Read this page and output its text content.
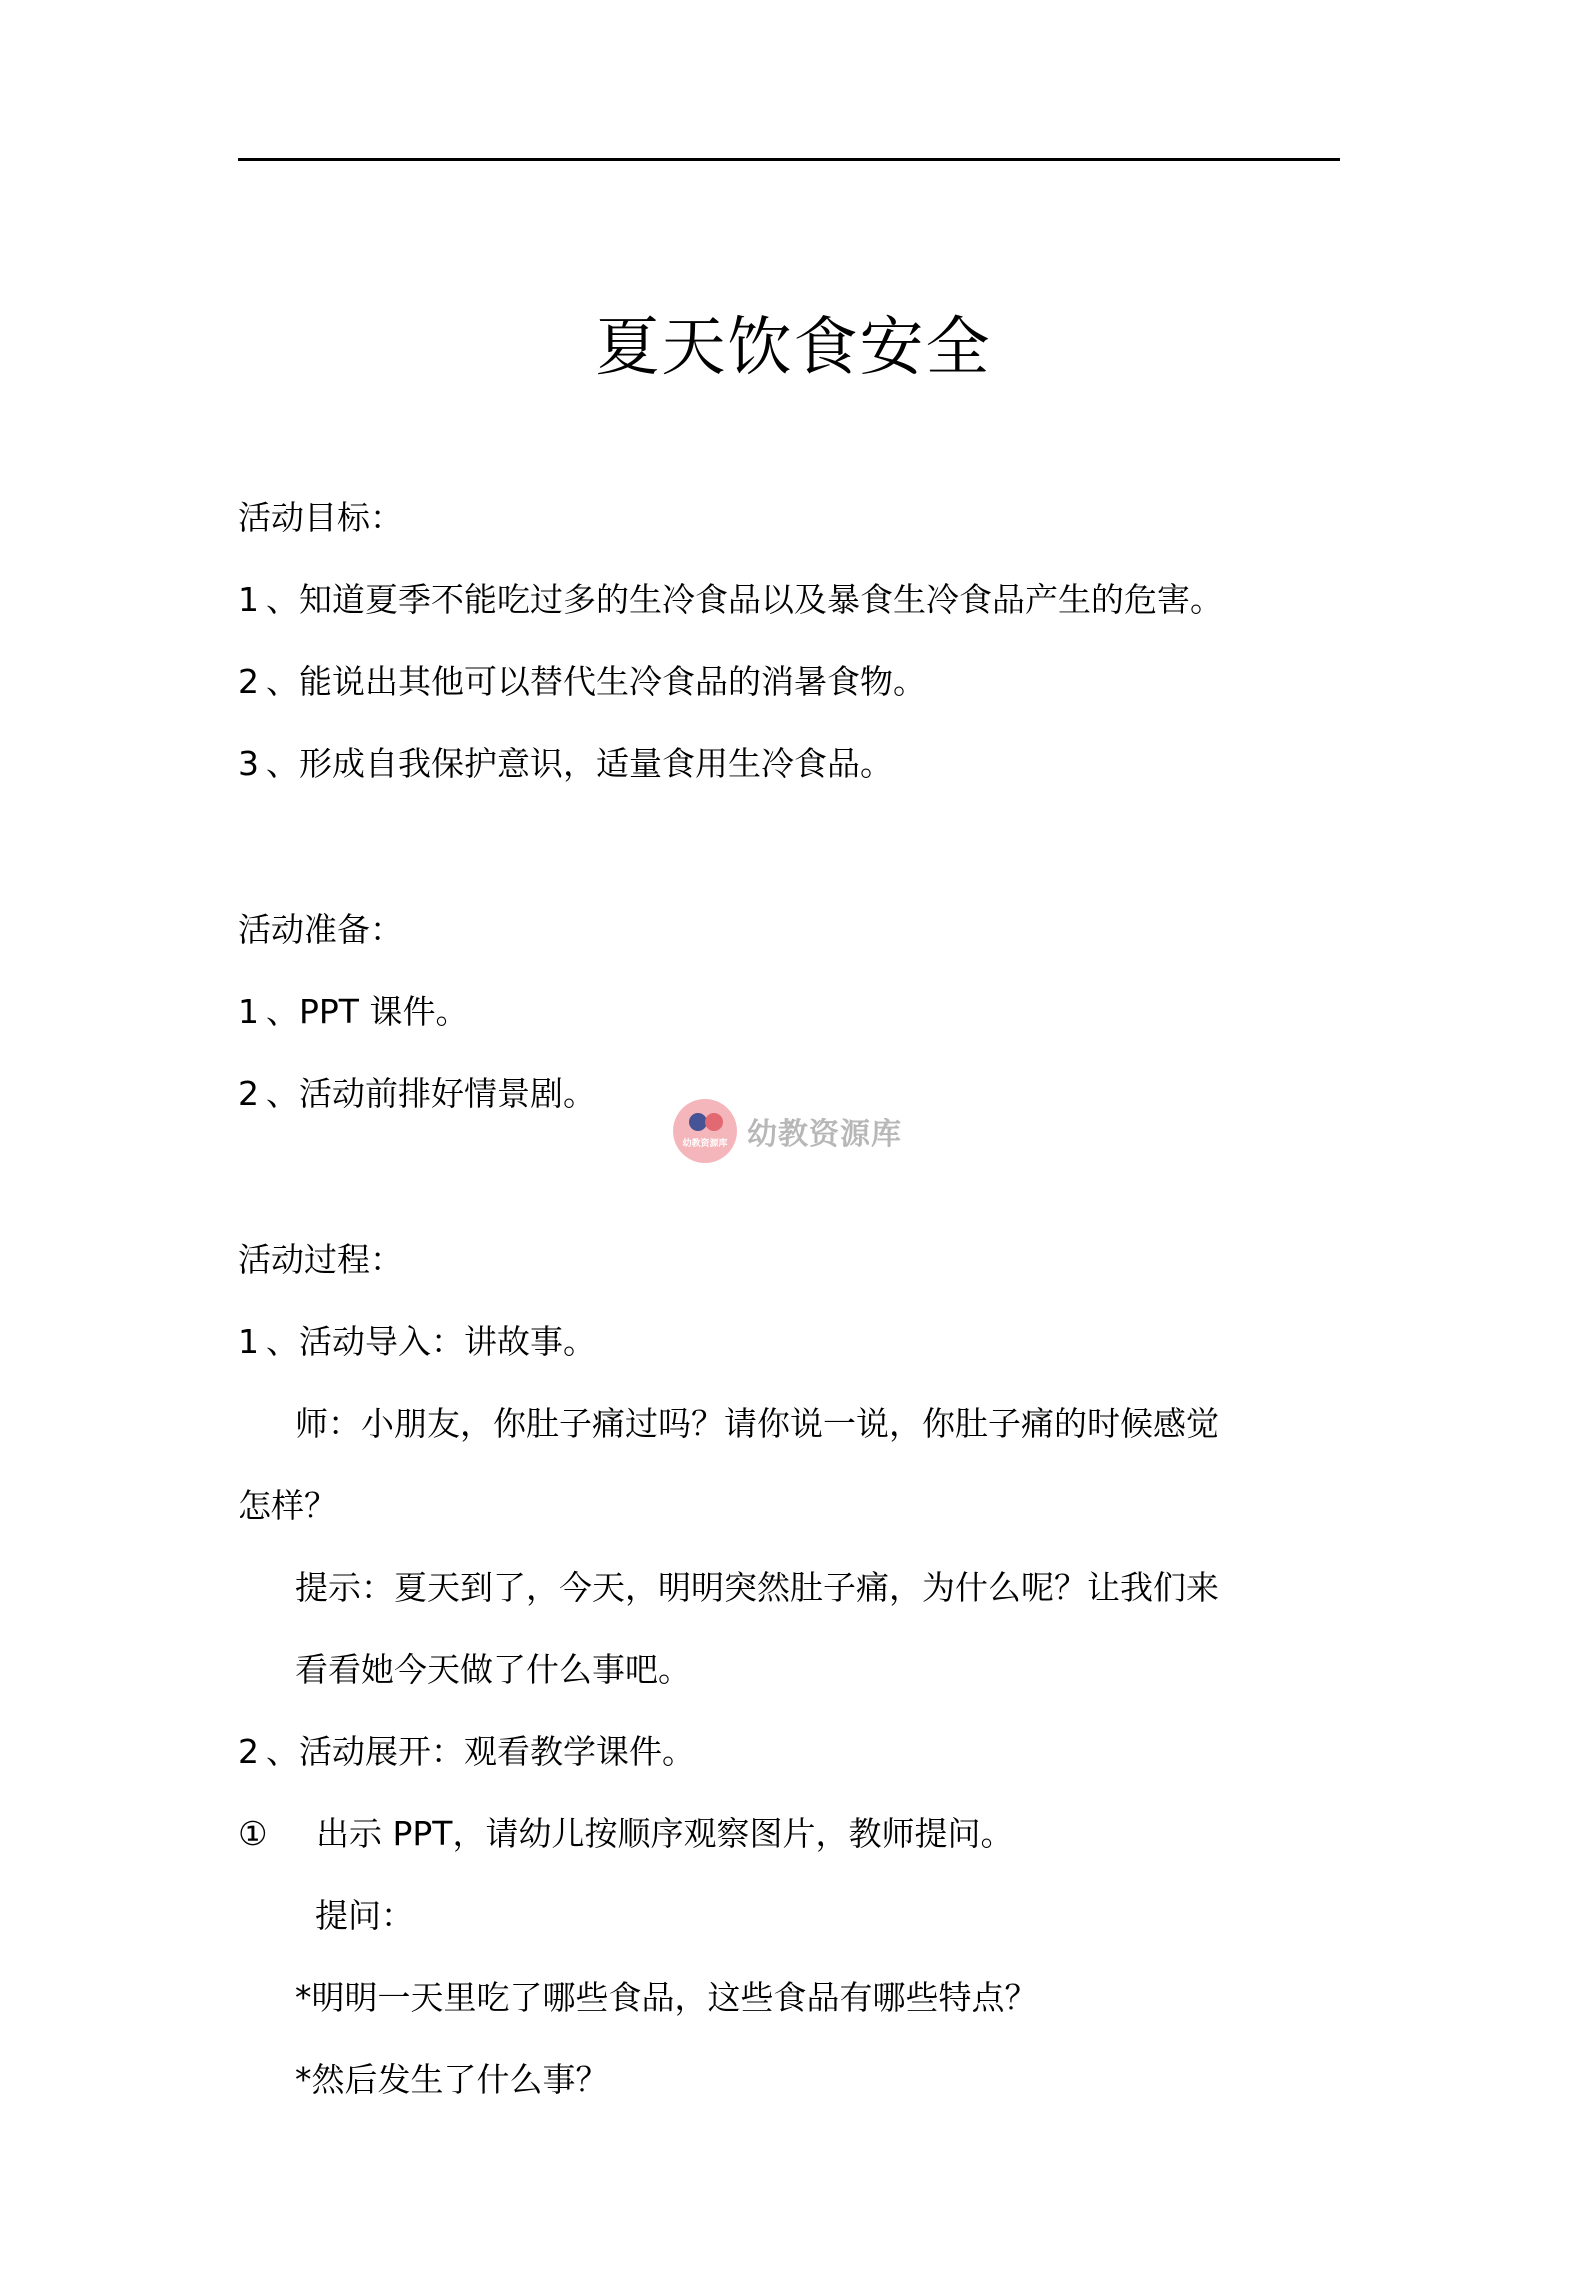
夏天饮食安全
活动目标：
1 、知道夏季不能吃过多的生冷食品以及暴食生冷食品产生的危害。
2 、能说出其他可以替代生冷食品的消暑食物。
3 、形成自我保护意识，适量食用生冷食品。
活动准备：
1 、PPT 课件。
2 、活动前排好情景剧。
幼教资源库 幼教资源库
活动过程：
1 、活动导入：讲故事。
师：小朋友，你肚子痛过吗？请你说一说，你肚子痛的时候感觉
怎样？
提示：夏天到了，今天，明明突然肚子痛，为什么呢？让我们来
看看她今天做了什么事吧。
2 、活动展开：观看教学课件。
① 出示 PPT，请幼儿按顺序观察图片，教师提问。
提问：
*明明一天里吃了哪些食品，这些食品有哪些特点？
*然后发生了什么事？
